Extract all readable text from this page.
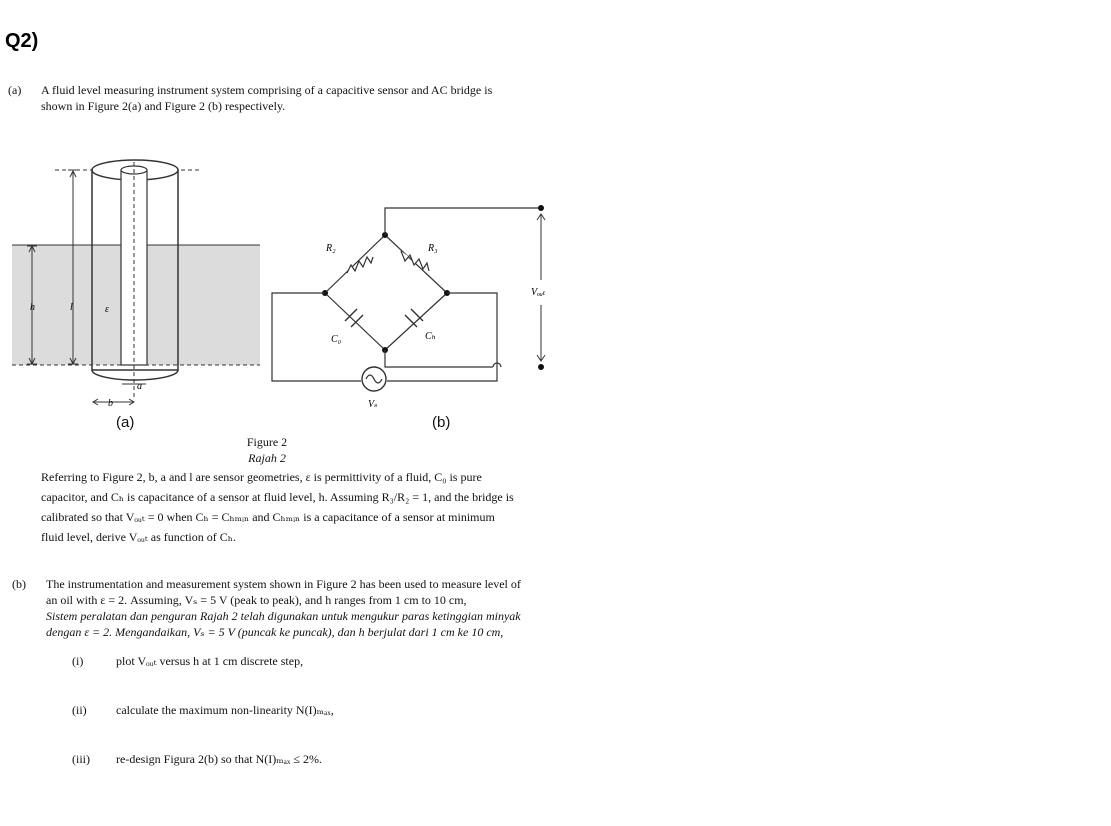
Q2)
(a) A fluid level measuring instrument system comprising of a capacitive sensor and AC bridge is
shown in Figure 2(a) and Figure 2 (b) respectively.
h	l	ε
a
b
R₂	R₃
C₀	Cₕ
Vₛ
Vₒᵤₜ
(a)	(b)
Figure 2
Rajah 2
Referring to Figure 2, b, a and l are sensor geometries, ε is permittivity of a fluid, C₀ is pure
capacitor, and Cₕ is capacitance of a sensor at fluid level, h. Assuming R₃/R₂ = 1, and the bridge is
calibrated so that Vₒᵤₜ = 0 when Cₕ = Cₕₘᵢₙ and Cₕₘᵢₙ is a capacitance of a sensor at minimum
fluid level, derive Vₒᵤₜ as function of Cₕ.
(b) The instrumentation and measurement system shown in Figure 2 has been used to measure level of
an oil with ε = 2. Assuming, Vₛ = 5 V (peak to peak), and h ranges from 1 cm to 10 cm,
Sistem peralatan dan penguran Rajah 2 telah digunakan untuk mengukur paras ketinggian minyak
dengan ε = 2. Mengandaikan, Vₛ = 5 V (puncak ke puncak), dan h berjulat dari 1 cm ke 10 cm,
(i)	plot Vₒᵤₜ versus h at 1 cm discrete step,
(ii) calculate the maximum non-linearity N(I)ₘₐₓ,
(iii) re-design Figura 2(b) so that N(I)ₘₐₓ ≤ 2%.
